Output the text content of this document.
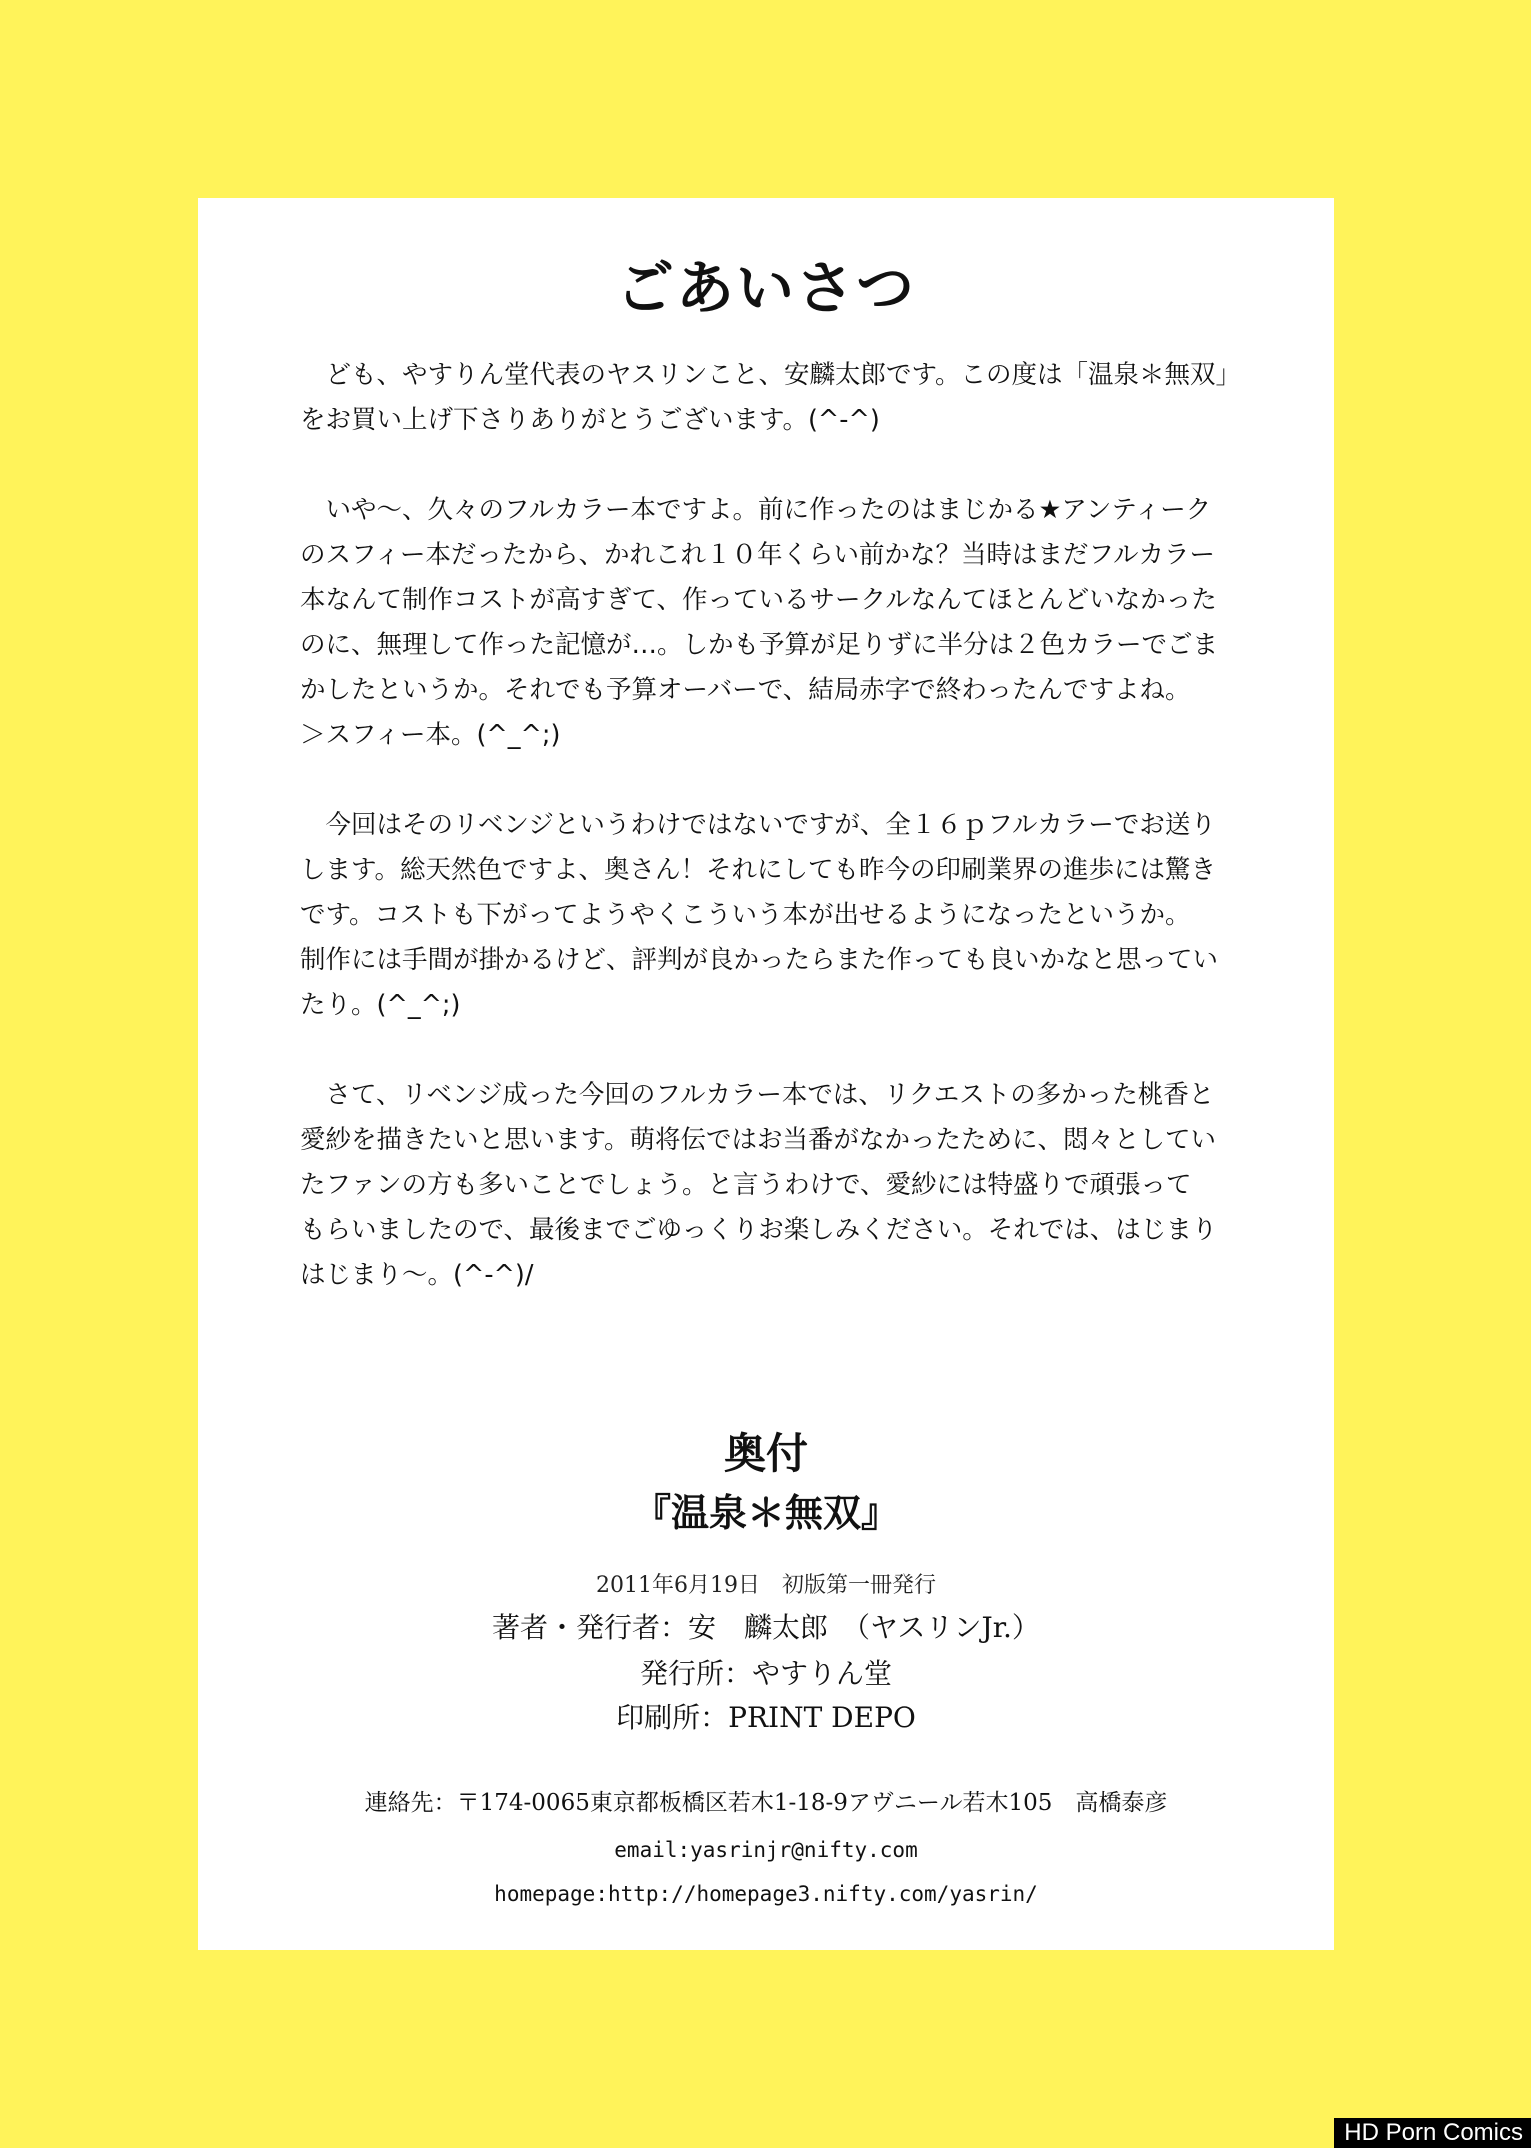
ごあいさつ
　ども、やすりん堂代表のヤスリンこと、安麟太郎です。この度は「温泉＊無双」
をお買い上げ下さりありがとうございます。(^-^)
　いや～、久々のフルカラー本ですよ。前に作ったのはまじかる★アンティーク
のスフィー本だったから、かれこれ１０年くらい前かな？当時はまだフルカラー
本なんて制作コストが高すぎて、作っているサークルなんてほとんどいなかった
のに、無理して作った記憶が…。しかも予算が足りずに半分は２色カラーでごま
かしたというか。それでも予算オーバーで、結局赤字で終わったんですよね。
＞スフィー本。(^_^;)
　今回はそのリベンジというわけではないですが、全１６ｐフルカラーでお送り
します。総天然色ですよ、奥さん！それにしても昨今の印刷業界の進歩には驚き
です。コストも下がってようやくこういう本が出せるようになったというか。
制作には手間が掛かるけど、評判が良かったらまた作っても良いかなと思ってい
たり。(^_^;)
　さて、リベンジ成った今回のフルカラー本では、リクエストの多かった桃香と
愛紗を描きたいと思います。萌将伝ではお当番がなかったために、悶々としてい
たファンの方も多いことでしょう。と言うわけで、愛紗には特盛りで頑張って
もらいましたので、最後までごゆっくりお楽しみください。それでは、はじまり
はじまり～。(^-^)/
奥付
『温泉＊無双』
2011年6月19日　初版第一冊発行
著者・発行者：安　麟太郎　（ヤスリンJr.）
発行所：やすりん堂
印刷所：PRINT DEPO
連絡先：〒174-0065東京都板橋区若木1-18-9アヴニール若木105　高橋泰彦
email:yasrinjr@nifty.com
homepage:http://homepage3.nifty.com/yasrin/
HD Porn Comics
